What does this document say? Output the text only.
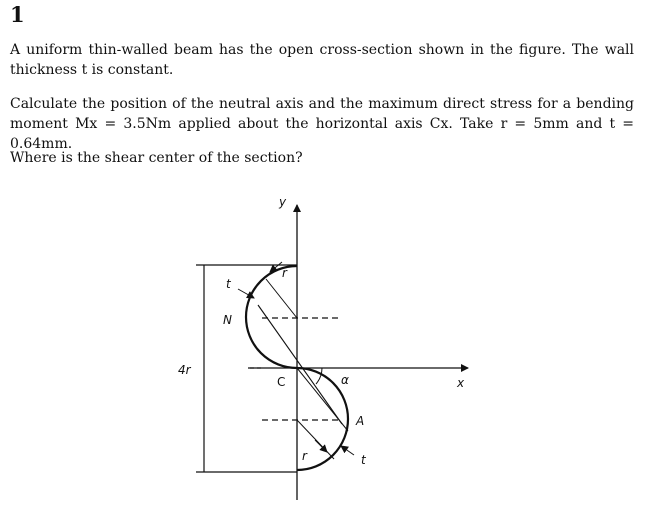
1
A uniform thin-walled beam has the open cross-section shown in the figure. The wall thickness t is constant.
Calculate the position of the neutral axis and the maximum direct stress for a bending moment Mx = 3.5Nm applied about the horizontal axis Cx. Take r = 5mm and t = 0.64mm.
Where is the shear center of the section?
y
x
C
N
A
α
4r
t
t
r
r
